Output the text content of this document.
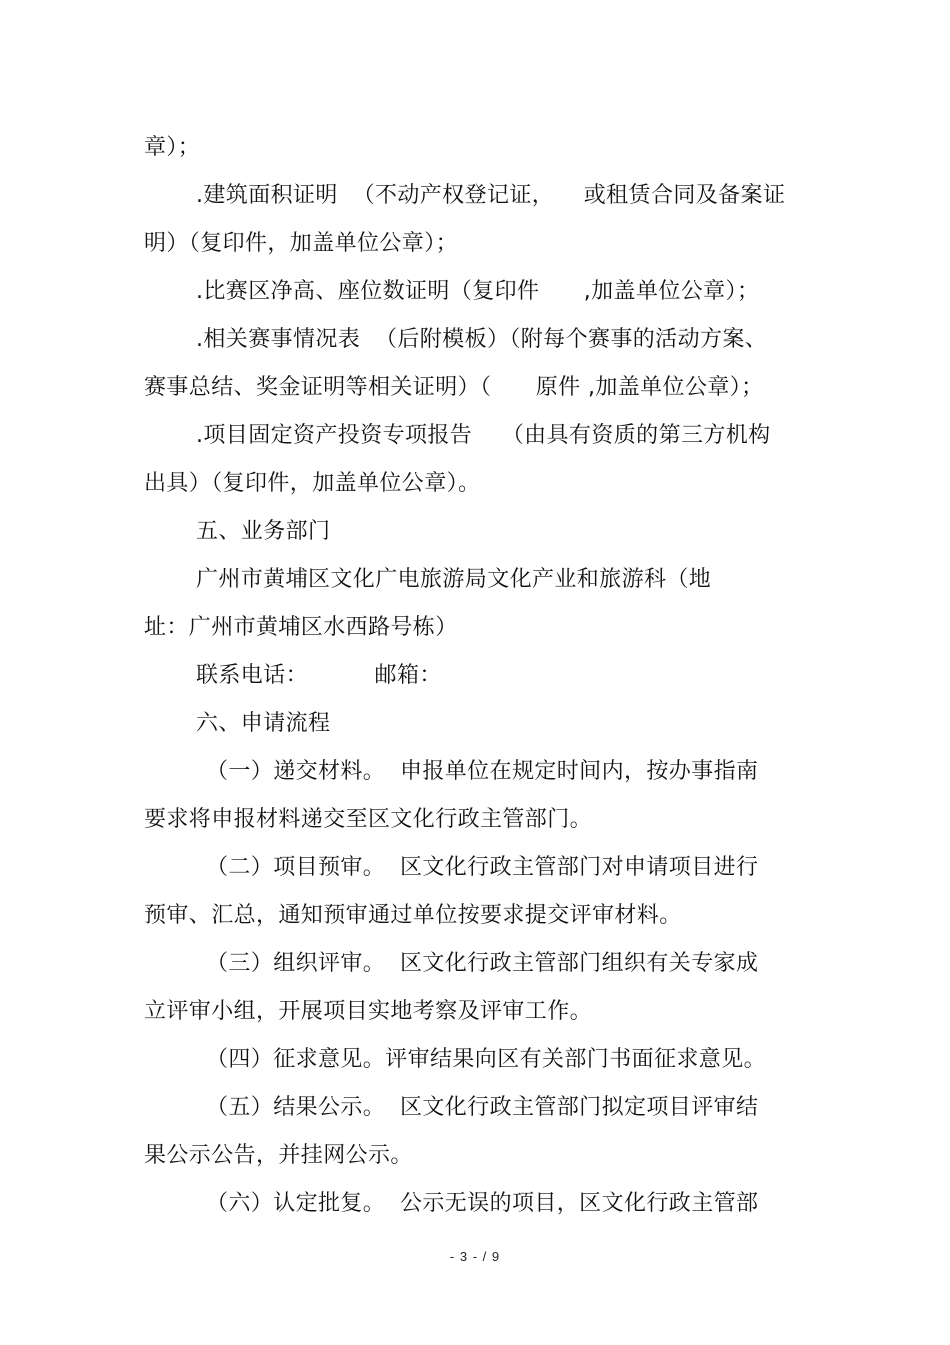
章）；
.建筑面积证明  （不动产权登记证，    或租赁合同及备案证
明）（复印件，加盖单位公章）；
.比赛区净高、座位数证明（复印件      ,加盖单位公章）；
.相关赛事情况表  （后附模板）（附每个赛事的活动方案、
赛事总结、奖金证明等相关证明）（      原件 ,加盖单位公章）；
.项目固定资产投资专项报告    （由具有资质的第三方机构
出具）（复印件，加盖单位公章）。
五、业务部门
广州市黄埔区文化广电旅游局文化产业和旅游科（地
址：广州市黄埔区水西路号栋）
联系电话：         邮箱：
六、申请流程
（一）递交材料。  申报单位在规定时间内，按办事指南
要求将申报材料递交至区文化行政主管部门。
（二）项目预审。  区文化行政主管部门对申请项目进行
预审、汇总，通知预审通过单位按要求提交评审材料。
（三）组织评审。  区文化行政主管部门组织有关专家成
立评审小组，开展项目实地考察及评审工作。
（四）征求意见。评审结果向区有关部门书面征求意见。
（五）结果公示。  区文化行政主管部门拟定项目评审结
果公示公告，并挂网公示。
（六）认定批复。  公示无误的项目，区文化行政主管部
- 3 - / 9
